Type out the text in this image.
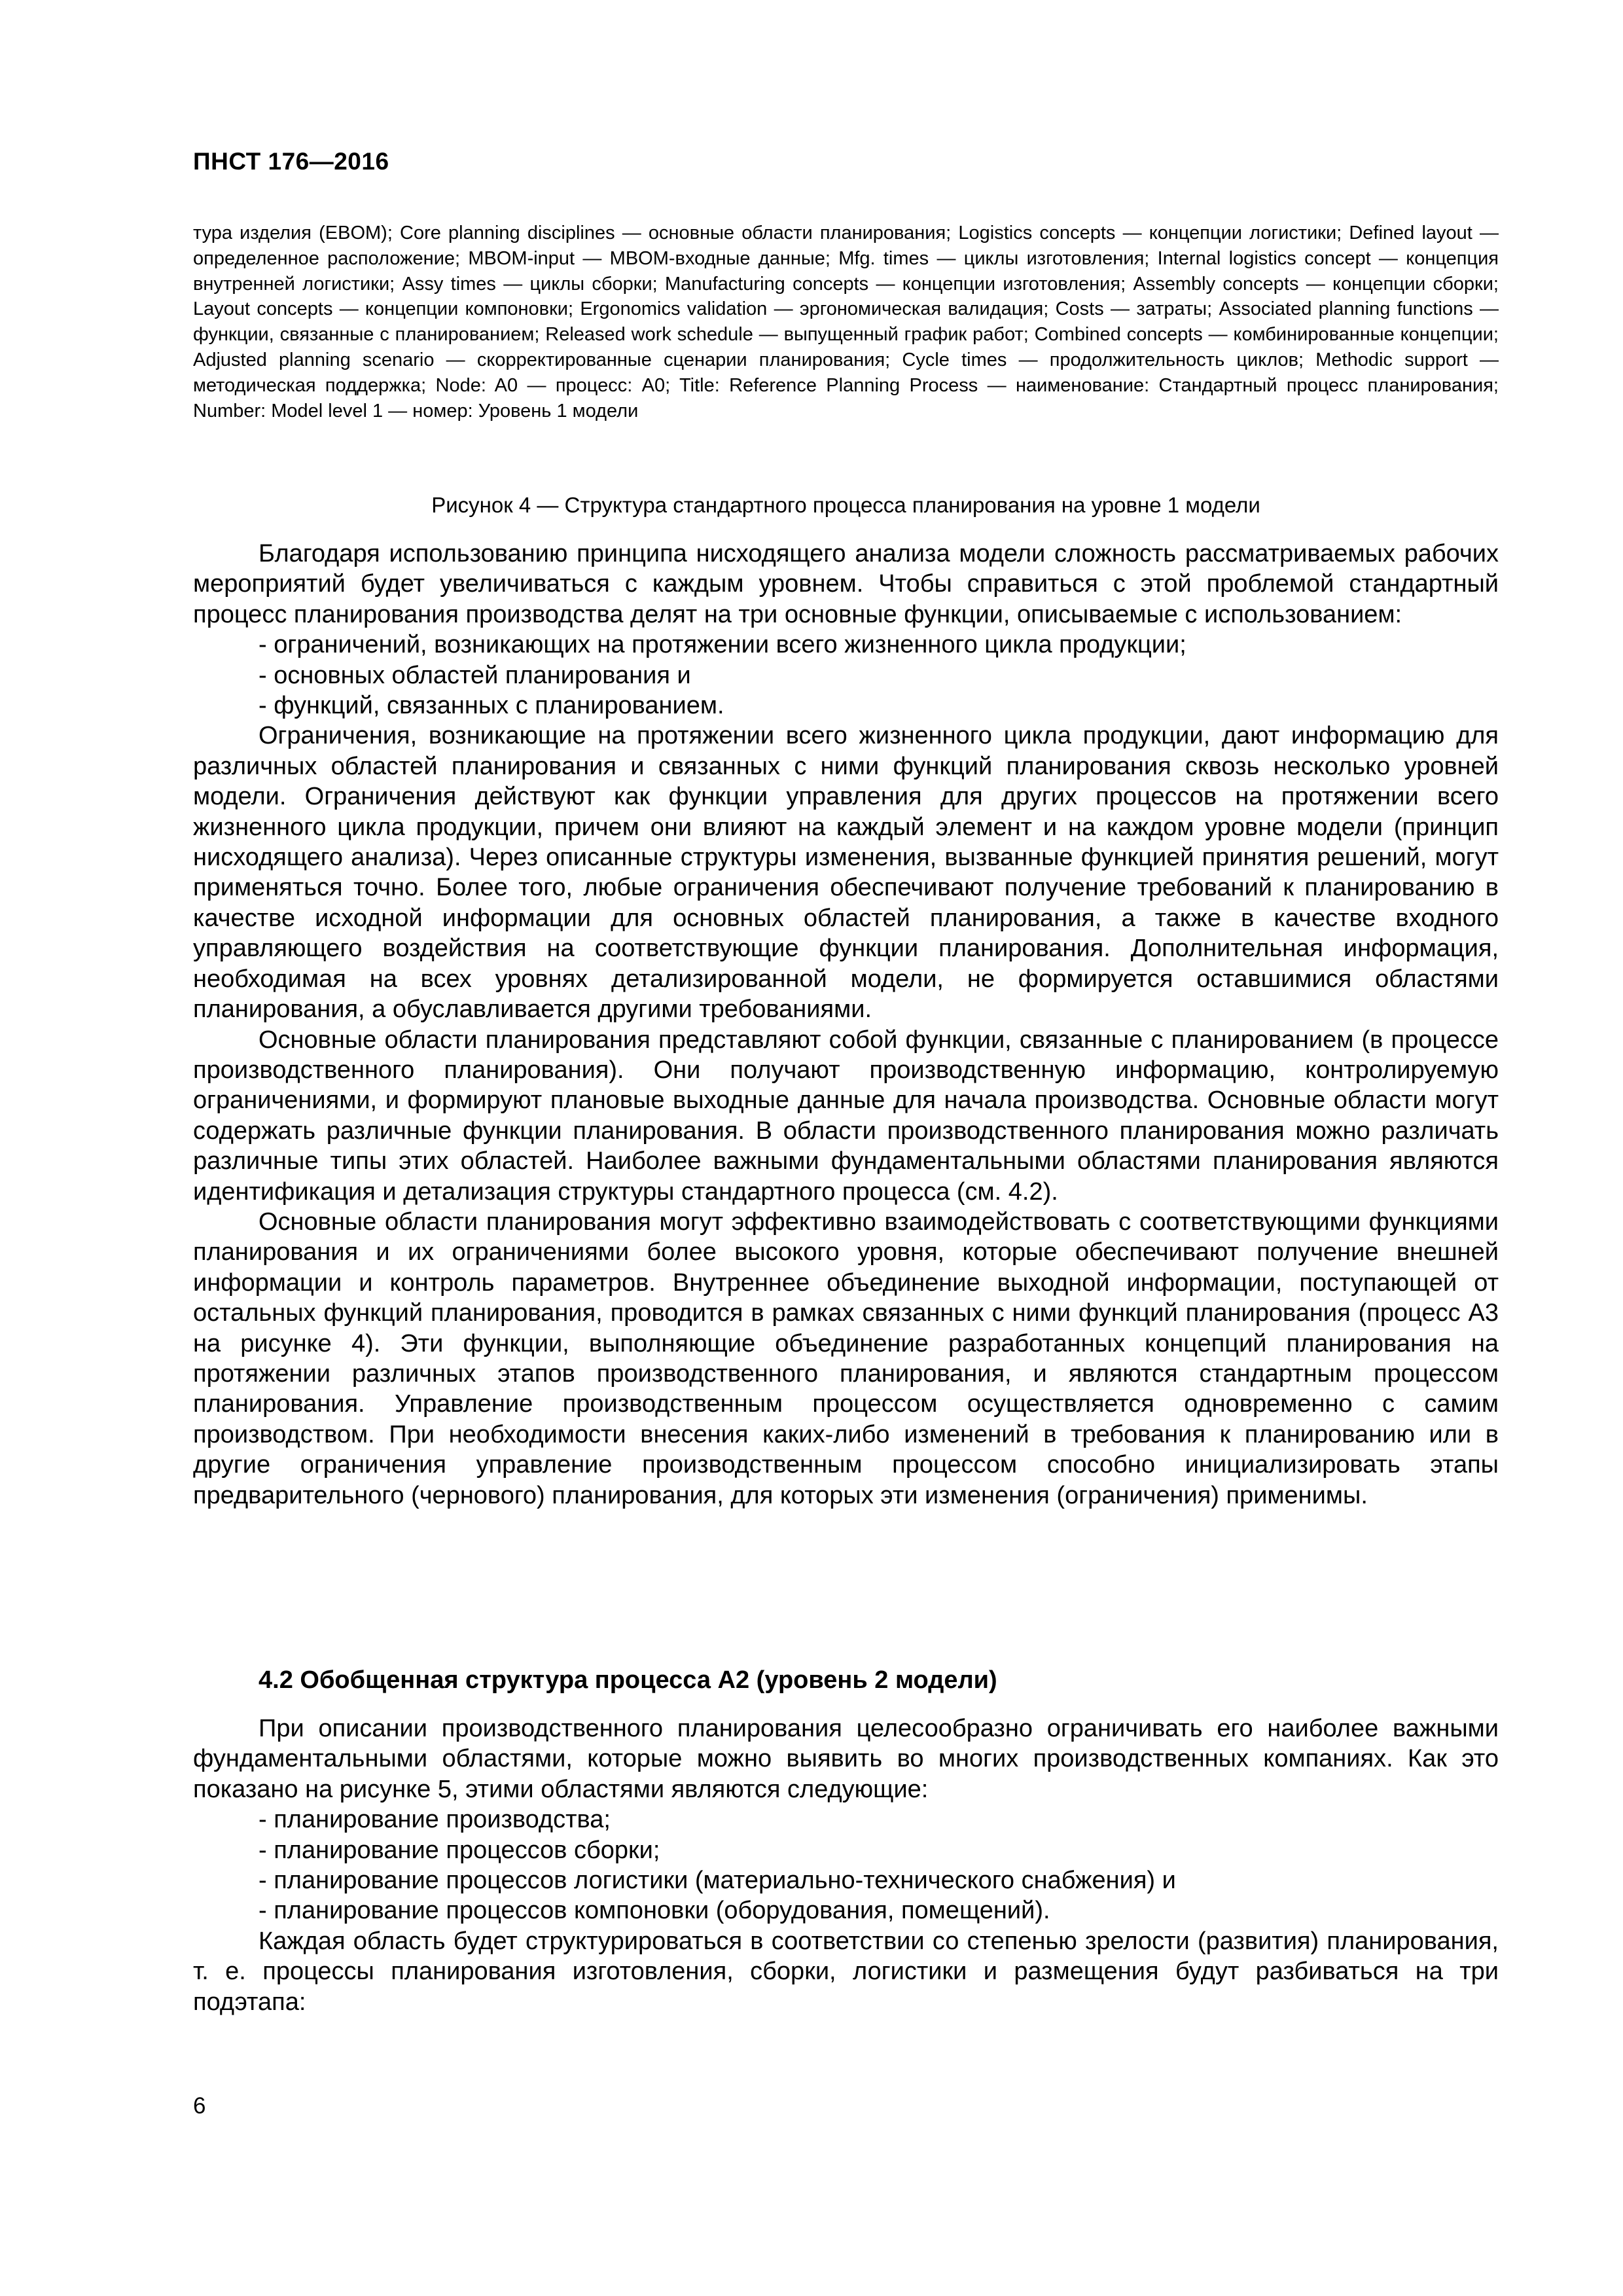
ПНСТ 176—2016

тура изделия (EBOM); Core planning disciplines — основные области планирования; Logistics concepts — концепции логистики; Defined layout — определенное расположение; MBOM-input — MBOM-входные данные; Mfg. times — циклы изготовления; Internal logistics concept — концепция внутренней логистики; Assy times — циклы сборки; Manufacturing concepts — концепции изготовления; Assembly concepts — концепции сборки; Layout concepts — концепции компоновки; Ergonomics validation — эргономическая валидация; Costs — затраты; Associated planning functions — функции, связанные с планированием; Released work schedule — выпущенный график работ; Combined concepts — комбинированные концепции; Adjusted planning scenario — скорректированные сценарии планирования; Cycle times — продолжительность циклов; Methodic support — методическая поддержка; Node: A0 — процесс: A0; Title: Reference Planning Process — наименование: Стандартный процесс планирования; Number: Model level 1 — номер: Уровень 1 модели

Рисунок 4 — Структура стандартного процесса планирования на уровне 1 модели

Благодаря использованию принципа нисходящего анализа модели сложность рассматриваемых рабочих мероприятий будет увеличиваться с каждым уровнем. Чтобы справиться с этой проблемой стандартный процесс планирования производства делят на три основные функции, описываемые с использованием:

- ограничений, возникающих на протяжении всего жизненного цикла продукции;

- основных областей планирования и

- функций, связанных с планированием.

Ограничения, возникающие на протяжении всего жизненного цикла продукции, дают информацию для различных областей планирования и связанных с ними функций планирования сквозь несколько уровней модели. Ограничения действуют как функции управления для других процессов на протяжении всего жизненного цикла продукции, причем они влияют на каждый элемент и на каждом уровне модели (принцип нисходящего анализа). Через описанные структуры изменения, вызванные функцией принятия решений, могут применяться точно. Более того, любые ограничения обеспечивают получение требований к планированию в качестве исходной информации для основных областей планирования, а также в качестве входного управляющего воздействия на соответствующие функции планирования. Дополнительная информация, необходимая на всех уровнях детализированной модели, не формируется оставшимися областями планирования, а обуславливается другими требованиями.

Основные области планирования представляют собой функции, связанные с планированием (в процессе производственного планирования). Они получают производственную информацию, контролируемую ограничениями, и формируют плановые выходные данные для начала производства. Основные области могут содержать различные функции планирования. В области производственного планирования можно различать различные типы этих областей. Наиболее важными фундаментальными областями планирования являются идентификация и детализация структуры стандартного процесса (см. 4.2).

Основные области планирования могут эффективно взаимодействовать с соответствующими функциями планирования и их ограничениями более высокого уровня, которые обеспечивают получение внешней информации и контроль параметров. Внутреннее объединение выходной информации, поступающей от остальных функций планирования, проводится в рамках связанных с ними функций планирования (процесс A3 на рисунке 4). Эти функции, выполняющие объединение разработанных концепций планирования на протяжении различных этапов производственного планирования, и являются стандартным процессом планирования. Управление производственным процессом осуществляется одновременно с самим производством. При необходимости внесения каких-либо изменений в требования к планированию или в другие ограничения управление производственным процессом способно инициализировать этапы предварительного (чернового) планирования, для которых эти изменения (ограничения) применимы.

4.2 Обобщенная структура процесса A2 (уровень 2 модели)

При описании производственного планирования целесообразно ограничивать его наиболее важными фундаментальными областями, которые можно выявить во многих производственных компаниях. Как это показано на рисунке 5, этими областями являются следующие:

- планирование производства;

- планирование процессов сборки;

- планирование процессов логистики (материально-технического снабжения) и

- планирование процессов компоновки (оборудования, помещений).

Каждая область будет структурироваться в соответствии со степенью зрелости (развития) планирования, т. е. процессы планирования изготовления, сборки, логистики и размещения будут разбиваться на три подэтапа:

6
